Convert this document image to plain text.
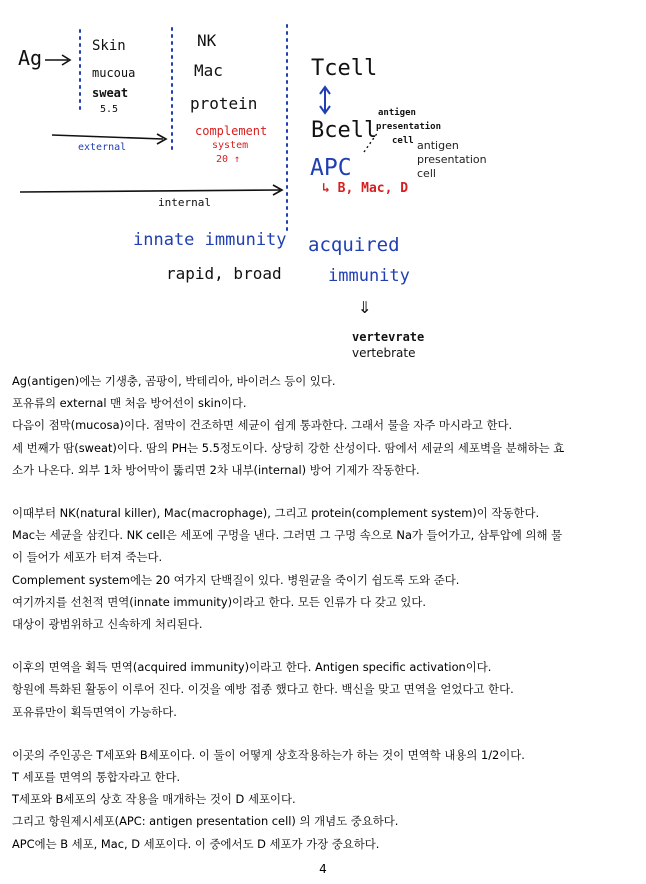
Ag	Skin
mucoua
sweat
5.5
external
NK
Mac
protein
complement
system
20 ↑
internal
Tcell
Bcell
APC
↳ B, Mac, D
antigen
presentation
cell antigen
presentation
cell
innate immunity
rapid, broad
acquired
immunity
⇓
vertevrate
vertebrate

Ag(antigen)에는 기생충, 곰팡이, 박테리아, 바이러스 등이 있다.

포유류의 external 맨 처음 방어선이 skin이다.

다음이 점막(mucosa)이다. 점막이 건조하면 세균이 쉽게 통과한다. 그래서 물을 자주 마시라고 한다.

세 번째가 땀(sweat)이다. 땀의 PH는 5.5정도이다. 상당히 강한 산성이다. 땀에서 세균의 세포벽을 분해하는 효

소가 나온다. 외부 1차 방어막이 뚫리면 2차 내부(internal) 방어 기제가 작동한다.

이때부터 NK(natural killer), Mac(macrophage), 그리고 protein(complement system)이 작동한다.

Mac는 세균을 삼킨다. NK cell은 세포에 구멍을 낸다. 그러면 그 구멍 속으로 Na가 들어가고, 삼투압에 의해 물

이 들어가 세포가 터져 죽는다.

Complement system에는 20 여가지 단백질이 있다. 병원균을 죽이기 쉽도록 도와 준다.

여기까지를 선천적 면역(innate immunity)이라고 한다. 모든 인류가 다 갖고 있다.

대상이 광범위하고 신속하게 처리된다.

이후의 면역을 획득 면역(acquired immunity)이라고 한다. Antigen specific activation이다.

항원에 특화된 활동이 이루어 진다. 이것을 예방 접종 했다고 한다. 백신을 맞고 면역을 얻었다고 한다.

포유류만이 획득면역이 가능하다.

이곳의 주인공은 T세포와 B세포이다. 이 둘이 어떻게 상호작용하는가 하는 것이 면역학 내용의 1/2이다.

T 세포를 면역의 통합자라고 한다.

T세포와 B세포의 상호 작용을 매개하는 것이 D 세포이다.

그리고 항원제시세포(APC: antigen presentation cell) 의 개념도 중요하다.

APC에는 B 세포, Mac, D 세포이다. 이 중에서도 D 세포가 가장 중요하다.

4
